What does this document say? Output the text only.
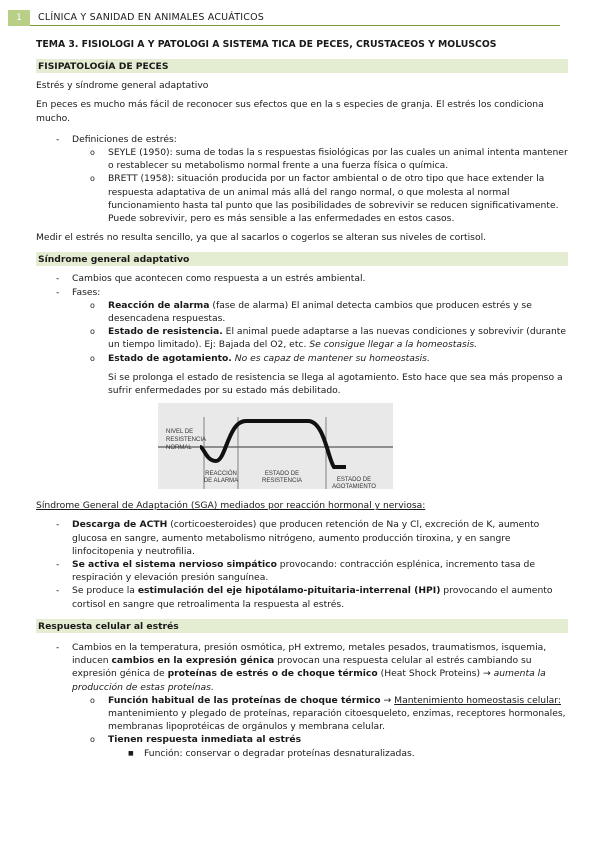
1	CLÍNICA Y SANIDAD EN ANIMALES ACUÁTICOS
TEMA 3. FISIOLOGI A Y PATOLOGI A SISTEMA TICA DE PECES, CRUSTACEOS Y MOLUSCOS
FISIPATOLOGÍA DE PECES

Estrés y síndrome general adaptativo

En peces es mucho más fácil de reconocer sus efectos que en la s especies de granja. El estrés los condiciona mucho.

- Definiciones de estrés:
o SEYLE (1950): suma de todas la s respuestas fisiológicas por las cuales un animal intenta mantener o restablecer su metabolismo normal frente a una fuerza física o química.
o BRETT (1958): situación producida por un factor ambiental o de otro tipo que hace extender la respuesta adaptativa de un animal más allá del rango normal, o que molesta al normal funcionamiento hasta tal punto que las posibilidades de sobrevivir se reducen significativamente. Puede sobrevivir, pero es más sensible a las enfermedades en estos casos.

Medir el estrés no resulta sencillo, ya que al sacarlos o cogerlos se alteran sus niveles de cortisol.

Síndrome general adaptativo
- Cambios que acontecen como respuesta a un estrés ambiental.
- Fases:
o Reacción de alarma (fase de alarma) El animal detecta cambios que producen estrés y se desencadena respuestas.
o Estado de resistencia. El animal puede adaptarse a las nuevas condiciones y sobrevivir (durante un tiempo limitado). Ej: Bajada del O2, etc. Se consigue llegar a la homeostasis.
o Estado de agotamiento. No es capaz de mantener su homeostasis.

Si se prolonga el estado de resistencia se llega al agotamiento. Esto hace que sea más propenso a sufrir enfermedades por su estado más debilitado.

NIVEL DE
RESISTENCIA
NORMAL
REACCIÓN
DE ALARMA
ESTADO DE
RESISTENCIA	ESTADO DE
AGOTAMIENTO

Síndrome General de Adaptación (SGA) mediados por reacción hormonal y nerviosa:

- Descarga de ACTH (corticoesteroides) que producen retención de Na y Cl, excreción de K, aumento glucosa en sangre, aumento metabolismo nitrógeno, aumento producción tiroxina, y en sangre linfocitopenia y neutrofilia.
- Se activa el sistema nervioso simpático provocando: contracción esplénica, incremento tasa de respiración y elevación presión sanguínea.
- Se produce la estimulación del eje hipotálamo-pituitaria-interrenal (HPI) provocando el aumento cortisol en sangre que retroalimenta la respuesta al estrés.
Respuesta celular al estrés
- Cambios en la temperatura, presión osmótica, pH extremo, metales pesados, traumatismos, isquemia, inducen cambios en la expresión génica provocan una respuesta celular al estrés cambiando su expresión génica de proteínas de estrés o de choque térmico (Heat Shock Proteins) → aumenta la producción de estas proteínas.
o Función habitual de las proteínas de choque térmico → Mantenimiento homeostasis celular: mantenimiento y plegado de proteínas, reparación citoesqueleto, enzimas, receptores hormonales, membranas lipoprotéicas de orgánulos y membrana celular.
o Tienen respuesta inmediata al estrés
■ Función: conservar o degradar proteínas desnaturalizadas.
